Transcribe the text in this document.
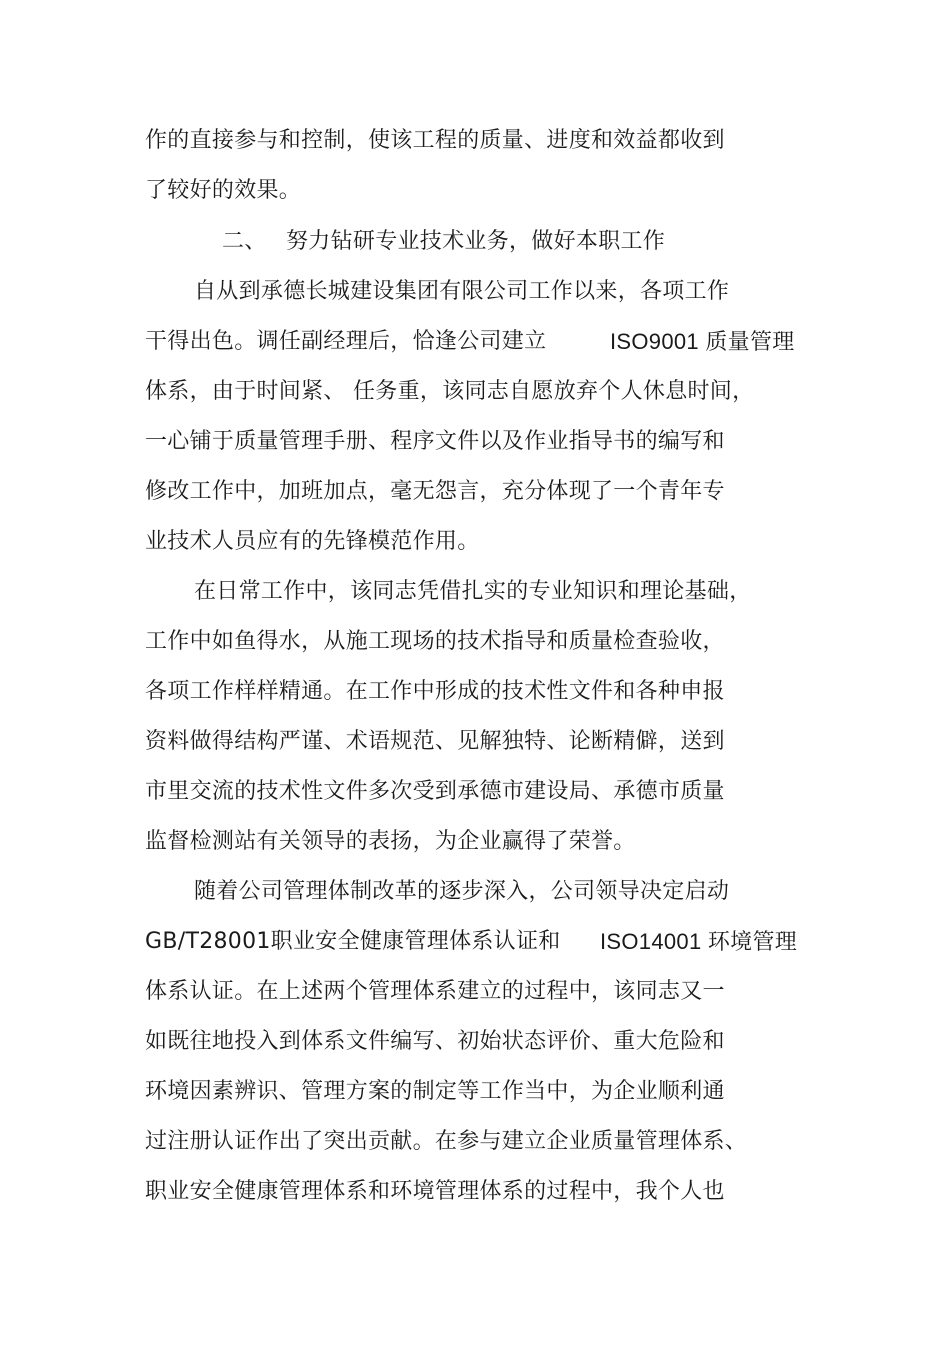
作的直接参与和控制，使该工程的质量、进度和效益都收到
了较好的效果。
二、 努力钻研专业技术业务，做好本职工作
自从到承德长城建设集团有限公司工作以来，各项工作
干得出色。调任副经理后，恰逢公司建立	ISO9001 质量管理
体系，由于时间紧、 任务重，该同志自愿放弃个人休息时间，
一心铺于质量管理手册、程序文件以及作业指导书的编写和
修改工作中，加班加点，毫无怨言，充分体现了一个青年专
业技术人员应有的先锋模范作用。
在日常工作中，该同志凭借扎实的专业知识和理论基础，
工作中如鱼得水，从施工现场的技术指导和质量检查验收，
各项工作样样精通。在工作中形成的技术性文件和各种申报
资料做得结构严谨、术语规范、见解独特、论断精僻，送到
市里交流的技术性文件多次受到承德市建设局、承德市质量
监督检测站有关领导的表扬，为企业赢得了荣誉。
随着公司管理体制改革的逐步深入，公司领导决定启动
GB/T28001职业安全健康管理体系认证和 ISO14001 环境管理
体系认证。在上述两个管理体系建立的过程中，该同志又一
如既往地投入到体系文件编写、初始状态评价、重大危险和
环境因素辨识、管理方案的制定等工作当中，为企业顺利通
过注册认证作出了突出贡献。在参与建立企业质量管理体系、
职业安全健康管理体系和环境管理体系的过程中，我个人也
